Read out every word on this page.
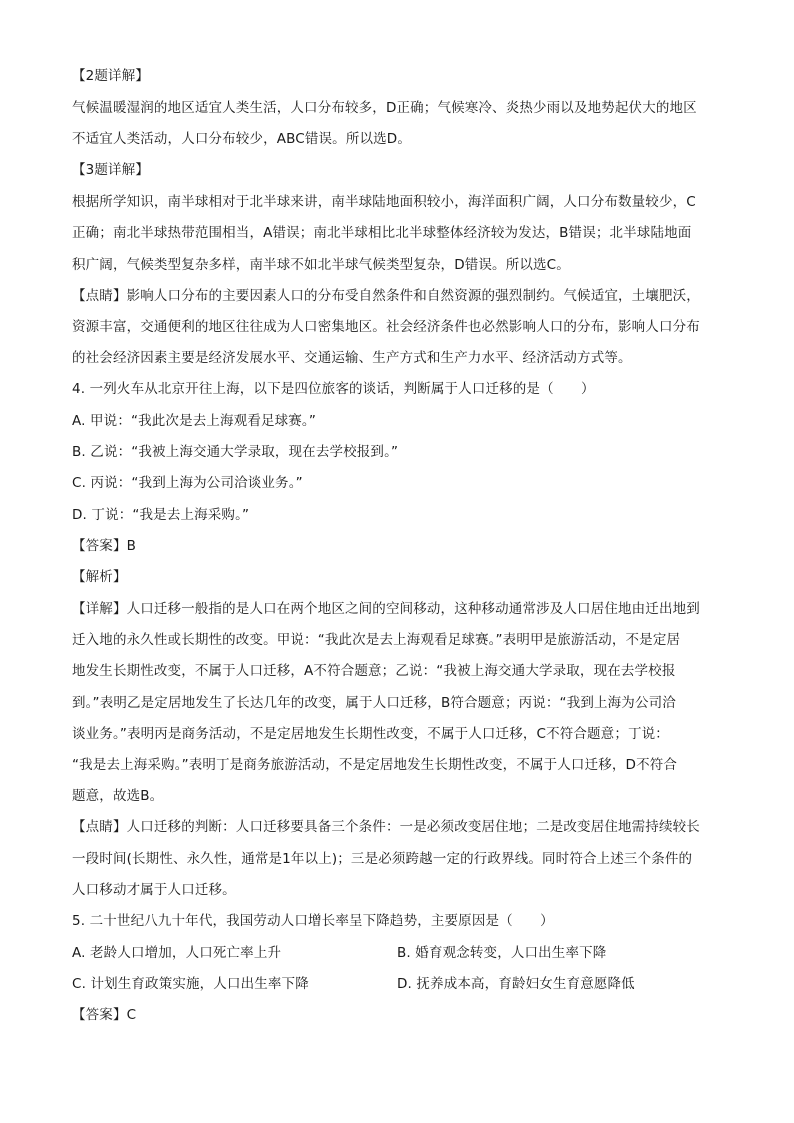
【2题详解】
气候温暖湿润的地区适宜人类生活，人口分布较多，D正确；气候寒冷、炎热少雨以及地势起伏大的地区
不适宜人类活动，人口分布较少，ABC错误。所以选D。
【3题详解】
根据所学知识，南半球相对于北半球来讲，南半球陆地面积较小，海洋面积广阔，人口分布数量较少，C
正确；南北半球热带范围相当，A错误；南北半球相比北半球整体经济较为发达，B错误；北半球陆地面
积广阔，气候类型复杂多样，南半球不如北半球气候类型复杂，D错误。所以选C。
【点睛】影响人口分布的主要因素人口的分布受自然条件和自然资源的强烈制约。气候适宜，土壤肥沃，
资源丰富，交通便利的地区往往成为人口密集地区。社会经济条件也必然影响人口的分布，影响人口分布
的社会经济因素主要是经济发展水平、交通运输、生产方式和生产力水平、经济活动方式等。
4. 一列火车从北京开往上海，以下是四位旅客的谈话，判断属于人口迁移的是（　　）
A. 甲说：“我此次是去上海观看足球赛。”
B. 乙说：“我被上海交通大学录取，现在去学校报到。”
C. 丙说：“我到上海为公司洽谈业务。”
D. 丁说：“我是去上海采购。”
【答案】B
【解析】
【详解】人口迁移一般指的是人口在两个地区之间的空间移动，这种移动通常涉及人口居住地由迁出地到
迁入地的永久性或长期性的改变。甲说：“我此次是去上海观看足球赛。”表明甲是旅游活动，不是定居
地发生长期性改变，不属于人口迁移，A不符合题意；乙说：“我被上海交通大学录取，现在去学校报
到。”表明乙是定居地发生了长达几年的改变，属于人口迁移，B符合题意；丙说：“我到上海为公司洽
谈业务。”表明丙是商务活动，不是定居地发生长期性改变，不属于人口迁移，C不符合题意；丁说：
“我是去上海采购。”表明丁是商务旅游活动，不是定居地发生长期性改变，不属于人口迁移，D不符合
题意，故选B。
【点睛】人口迁移的判断：人口迁移要具备三个条件：一是必须改变居住地；二是改变居住地需持续较长
一段时间(长期性、永久性，通常是1年以上)；三是必须跨越一定的行政界线。同时符合上述三个条件的
人口移动才属于人口迁移。
5. 二十世纪八九十年代，我国劳动人口增长率呈下降趋势，主要原因是（　　）
A. 老龄人口增加，人口死亡率上升	B. 婚育观念转变，人口出生率下降
C. 计划生育政策实施，人口出生率下降	D. 抚养成本高，育龄妇女生育意愿降低
【答案】C
